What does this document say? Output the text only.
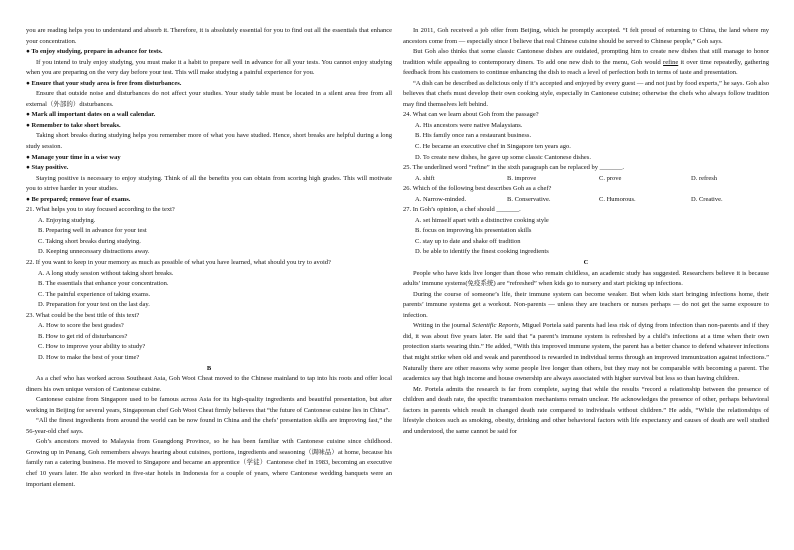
you are reading helps you to understand and absorb it. Therefore, it is absolutely essential for you to find out all the essentials that enhance your concentration.

● To enjoy studying, prepare in advance for tests.

If you intend to truly enjoy studying, you must make it a habit to prepare well in advance for all your tests. You cannot enjoy studying when you are preparing on the very day before your test. This will make studying a painful experience for you.

● Ensure that your study area is free from disturbances.

Ensure that outside noise and disturbances do not affect your studies. Your study table must be located in a silent area free from all external（外部的）disturbances.

● Mark all important dates on a wall calendar.
● Remember to take short breaks.

Taking short breaks during studying helps you remember more of what you have studied. Hence, short breaks are helpful during a long study session.

● Manage your time in a wise way
● Stay positive.

Staying positive is necessary to enjoy studying. Think of all the benefits you can obtain from scoring high grades. This will motivate you to strive harder in your studies.

● Be prepared; remove fear of exams.
21. What helps you to stay focused according to the text?
A. Enjoying studying.
B. Preparing well in advance for your test
C. Taking short breaks during studying.
D. Keeping unnecessary distractions away.
22. If you want to keep in your memory as much as possible of what you have learned, what should you try to avoid?
A. A long study session without taking short breaks.
B. The essentials that enhance your concentration.
C. The painful experience of taking exams.
D. Preparation for your test on the last day.
23. What could be the best title of this text?
A. How to score the best grades?
B. How to get rid of disturbances?
C. How to improve your ability to study?
D. How to make the best of your time?
B

As a chef who has worked across Southeast Asia, Goh Wooi Cheat moved to the Chinese mainland to tap into his roots and offer local diners his own unique version of Cantonese cuisine.

Cantonese cuisine from Singapore used to be famous across Asia for its high-quality ingredients and beautiful presentation, but after working in Beijing for several years, Singaporean chef Goh Wooi Cheat firmly believes that “the future of Cantonese cuisine lies in China”.

“All the finest ingredients from around the world can be now found in China and the chefs’ presentation skills are improving fast,” the 56-year-old chef says.

Goh’s ancestors moved to Malaysia from Guangdong Province, so he has been familiar with Cantonese cuisine since childhood. Growing up in Penang, Goh remembers always hearing about cuisines, portions, ingredients and seasoning（调味品）at home, because his family ran a catering business. He moved to Singapore and became an apprentice（学徒）Cantonese chef in 1983, becoming an executive chef 10 years later. He also worked in five-star hotels in Indonesia for a couple of years, where Cantonese wedding banquets were an important element.

In 2011, Goh received a job offer from Beijing, which he promptly accepted. “I felt proud of returning to China, the land where my ancestors come from — especially since I believe that real Chinese cuisine should be served to Chinese people,” Goh says.

But Goh also thinks that some classic Cantonese dishes are outdated, prompting him to create new dishes that still manage to honor tradition while appealing to contemporary diners. To add one new dish to the menu, Goh would refine it over time repeatedly, gathering feedback from his customers to continue enhancing the dish to reach a level of perfection both in terms of taste and presentation.

“A dish can be described as delicious only if it’s accepted and enjoyed by every guest — and not just by food experts,” he says. Goh also believes that chefs must develop their own cooking style, especially in Cantonese cuisine; otherwise the chefs who always follow tradition may find themselves left behind.

24. What can we learn about Goh from the passage?
A. His ancestors were native Malaysians.
B. His family once ran a restaurant business.
C. He became an executive chef in Singapore ten years ago.
D. To create new dishes, he gave up some classic Cantonese dishes.
25. The underlined word “refine” in the sixth paragraph can be replaced by _______.
A. shift	B. improve	C. prove	D. refresh
26. Which of the following best describes Goh as a chef?
A. Narrow-minded.	B. Conservative.	C. Humorous.	D. Creative.
27. In Goh’s opinion, a chef should _______.
A. set himself apart with a distinctive cooking style
B. focus on improving his presentation skills
C. stay up to date and shake off tradition
D. be able to identify the finest cooking ingredients
C

People who have kids live longer than those who remain childless, an academic study has suggested. Researchers believe it is because adults’ immune systems(免疫系统) are “refreshed” when kids go to nursery and start picking up infections.

During the course of someone’s life, their immune system can become weaker. But when kids start bringing infections home, their parents’ immune systems get a workout. Non-parents — unless they are teachers or nurses perhaps — do not get the same exposure to infection.

Writing in the journal Scientific Reports, Miguel Portela said parents had less risk of dying from infection than non-parents and if they did, it was about five years later. He said that “a parent’s immune system is refreshed by a child’s infections at a time when their own protection starts wearing thin.” He added, “With this improved immune system, the parent has a better chance to defend whatever infections that might strike when old and weak and parenthood is rewarded in individual terms through an improved immunization against infections.” Naturally there are other reasons why some people live longer than others, but they may not be comparable with becoming a parent. The academics say that high income and house ownership are always associated with higher survival but less so than having children.

Mr. Portela admits the research is far from complete, saying that while the results “record a relationship between the presence of children and death rate, the specific transmission mechanisms remain unclear. He acknowledges the presence of other, perhaps behavioral factors in parents which result in changed death rate compared to individuals without children.” He adds, “While the relationships of lifestyle choices such as smoking, obesity, drinking and other behavioral factors with life expectancy and causes of death are well studied and understood, the same cannot be said for
